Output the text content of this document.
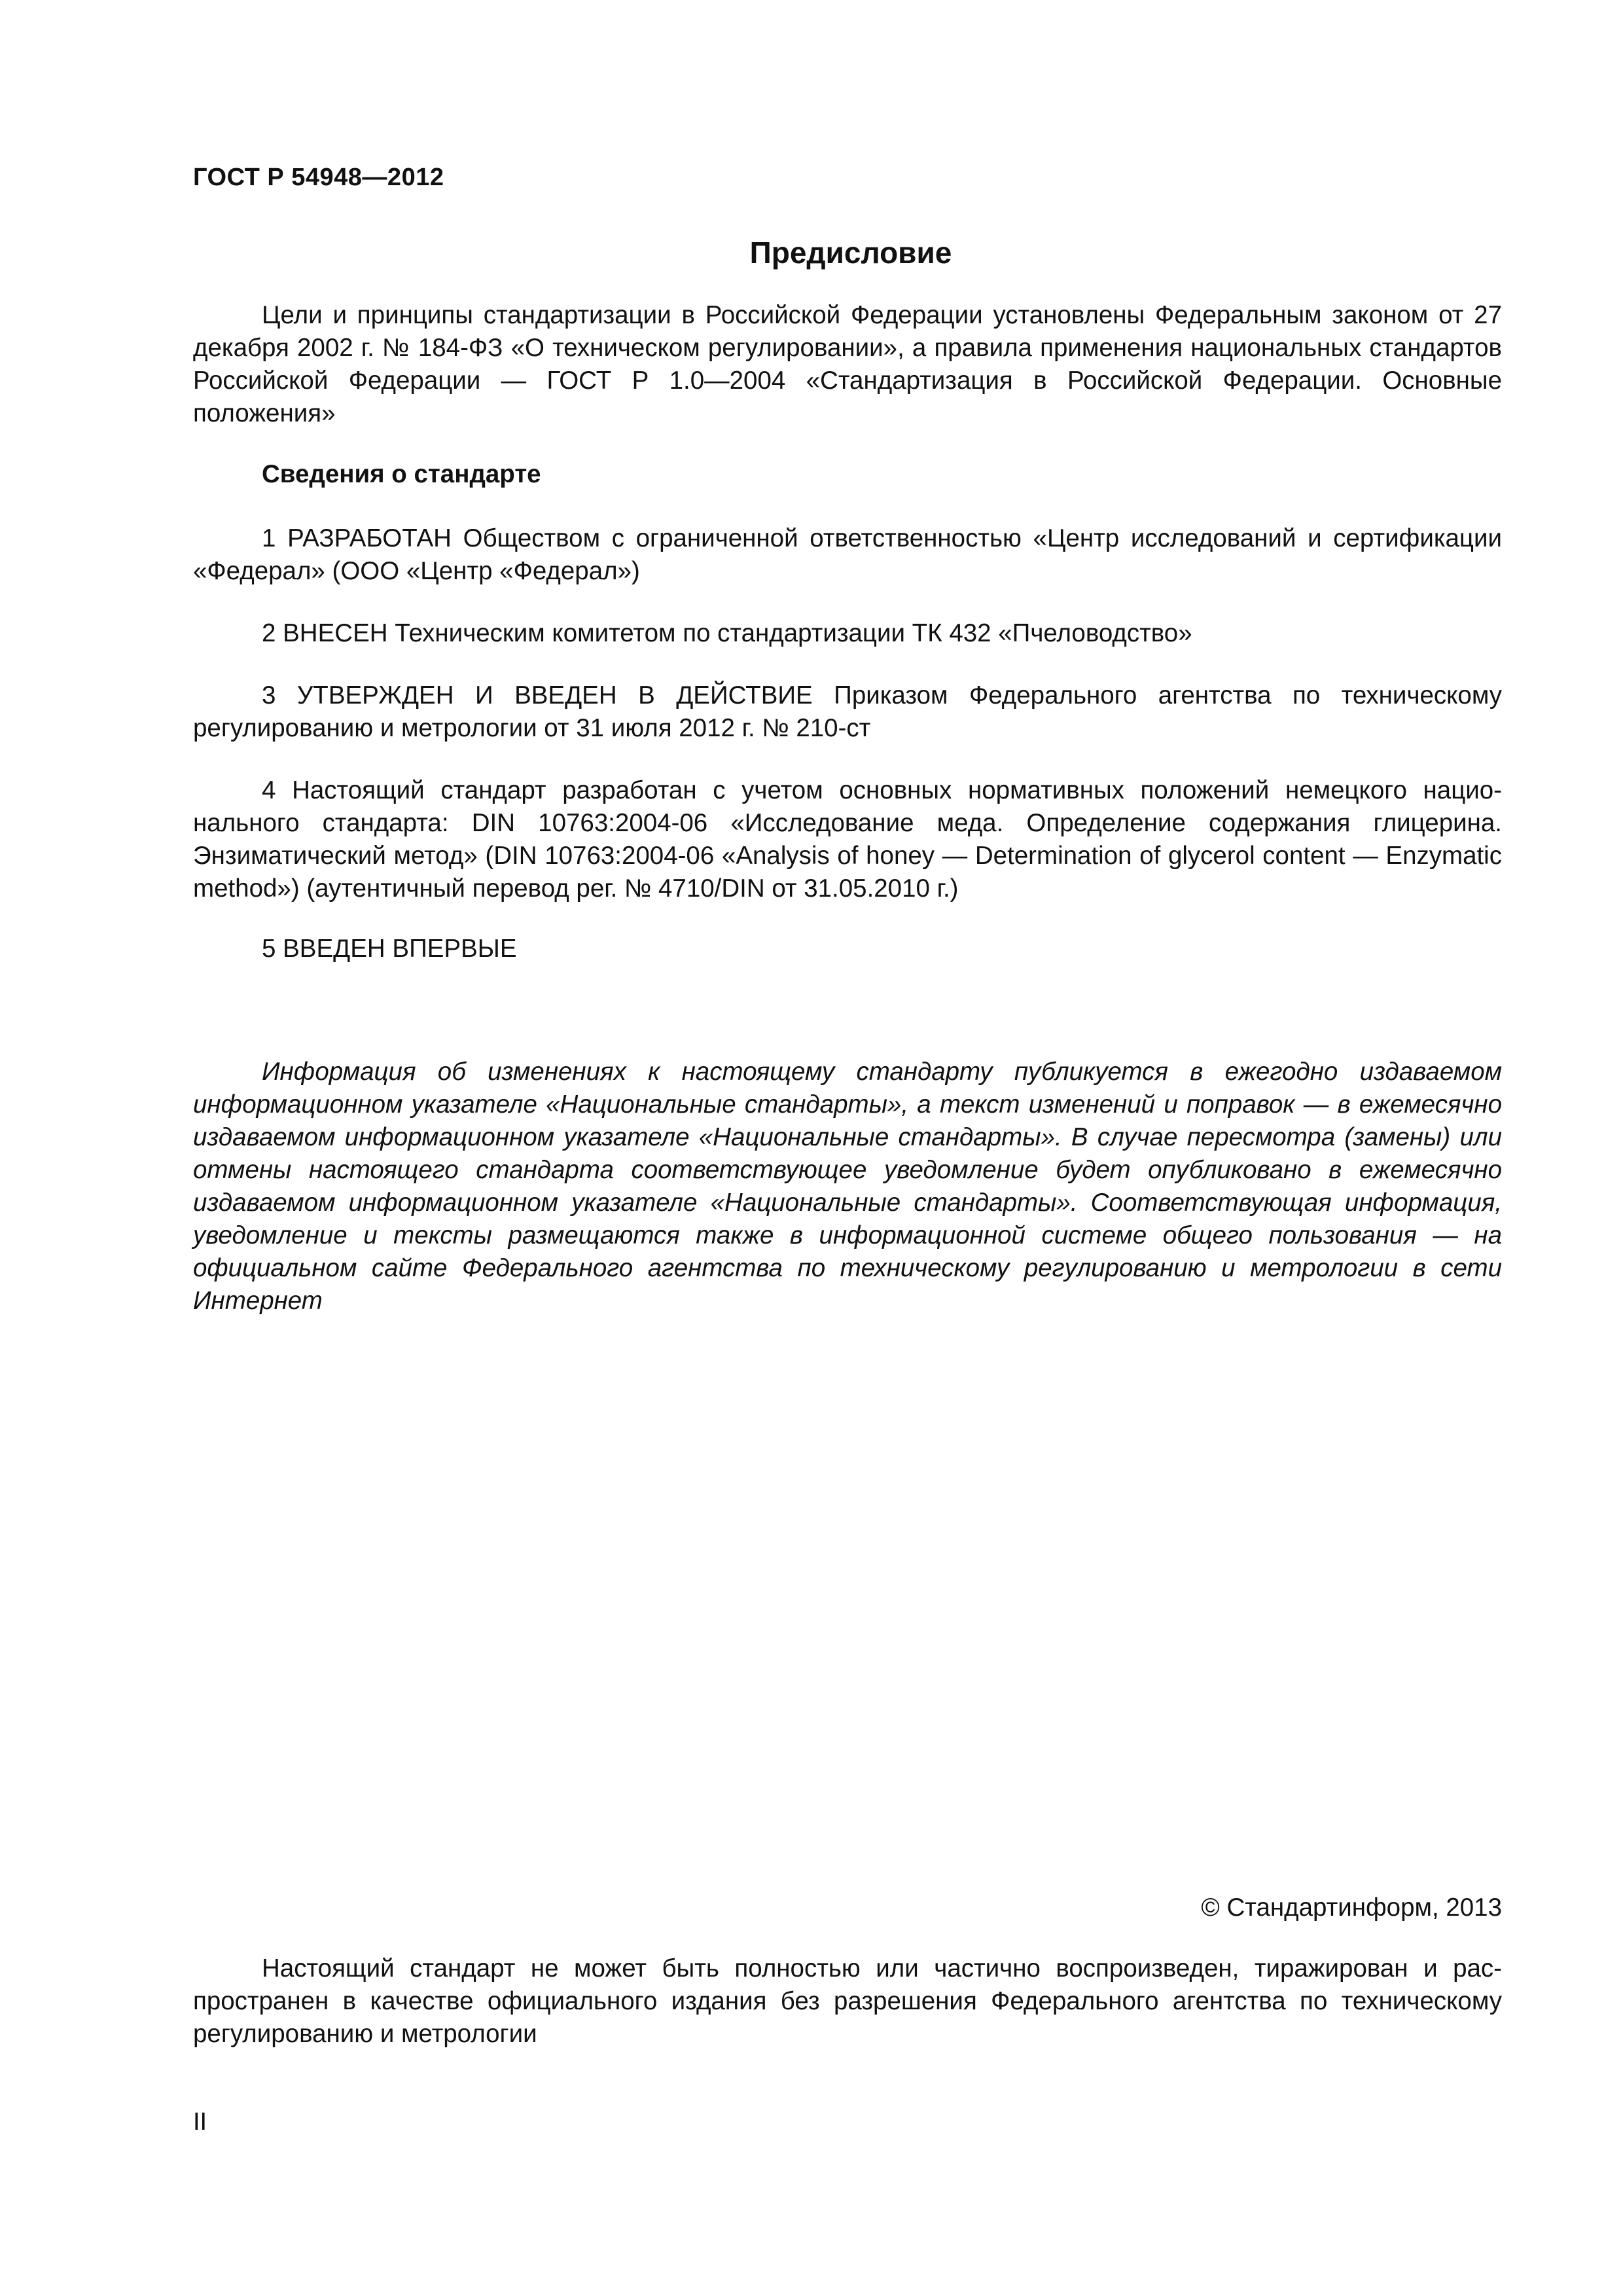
ГОСТ Р 54948—2012
Предисловие
Цели и принципы стандартизации в Российской Федерации установлены Федеральным законом от 27 декабря 2002 г. № 184-ФЗ «О техническом регулировании», а правила применения национальных стандартов Российской Федерации — ГОСТ Р 1.0—2004 «Стандартизация в Российской Федерации. Основные положения»
Сведения о стандарте
1 РАЗРАБОТАН Обществом с ограниченной ответственностью «Центр исследований и сертификации «Федерал» (ООО «Центр «Федерал»)
2 ВНЕСЕН Техническим комитетом по стандартизации ТК 432 «Пчеловодство»
3 УТВЕРЖДЕН И ВВЕДЕН В ДЕЙСТВИЕ Приказом Федерального агентства по техническому регулированию и метрологии от 31 июля 2012 г. № 210-ст
4 Настоящий стандарт разработан с учетом основных нормативных положений немецкого национального стандарта: DIN 10763:2004-06 «Исследование меда. Определение содержания глицерина. Энзиматический метод» (DIN 10763:2004-06 «Analysis of honey — Determination of glycerol content — Enzymatic method») (аутентичный перевод рег. № 4710/DIN от 31.05.2010 г.)
5 ВВЕДЕН ВПЕРВЫЕ
Информация об изменениях к настоящему стандарту публикуется в ежегодно издаваемом информационном указателе «Национальные стандарты», а текст изменений и поправок — в ежемесячно издаваемом информационном указателе «Национальные стандарты». В случае пересмотра (замены) или отмены настоящего стандарта соответствующее уведомление будет опубликовано в ежемесячно издаваемом информационном указателе «Национальные стандарты». Соответствующая информация, уведомление и тексты размещаются также в информационной системе общего пользования — на официальном сайте Федерального агентства по техническому регулированию и метрологии в сети Интернет
© Стандартинформ, 2013
Настоящий стандарт не может быть полностью или частично воспроизведен, тиражирован и распространен в качестве официального издания без разрешения Федерального агентства по техническому регулированию и метрологии
II
